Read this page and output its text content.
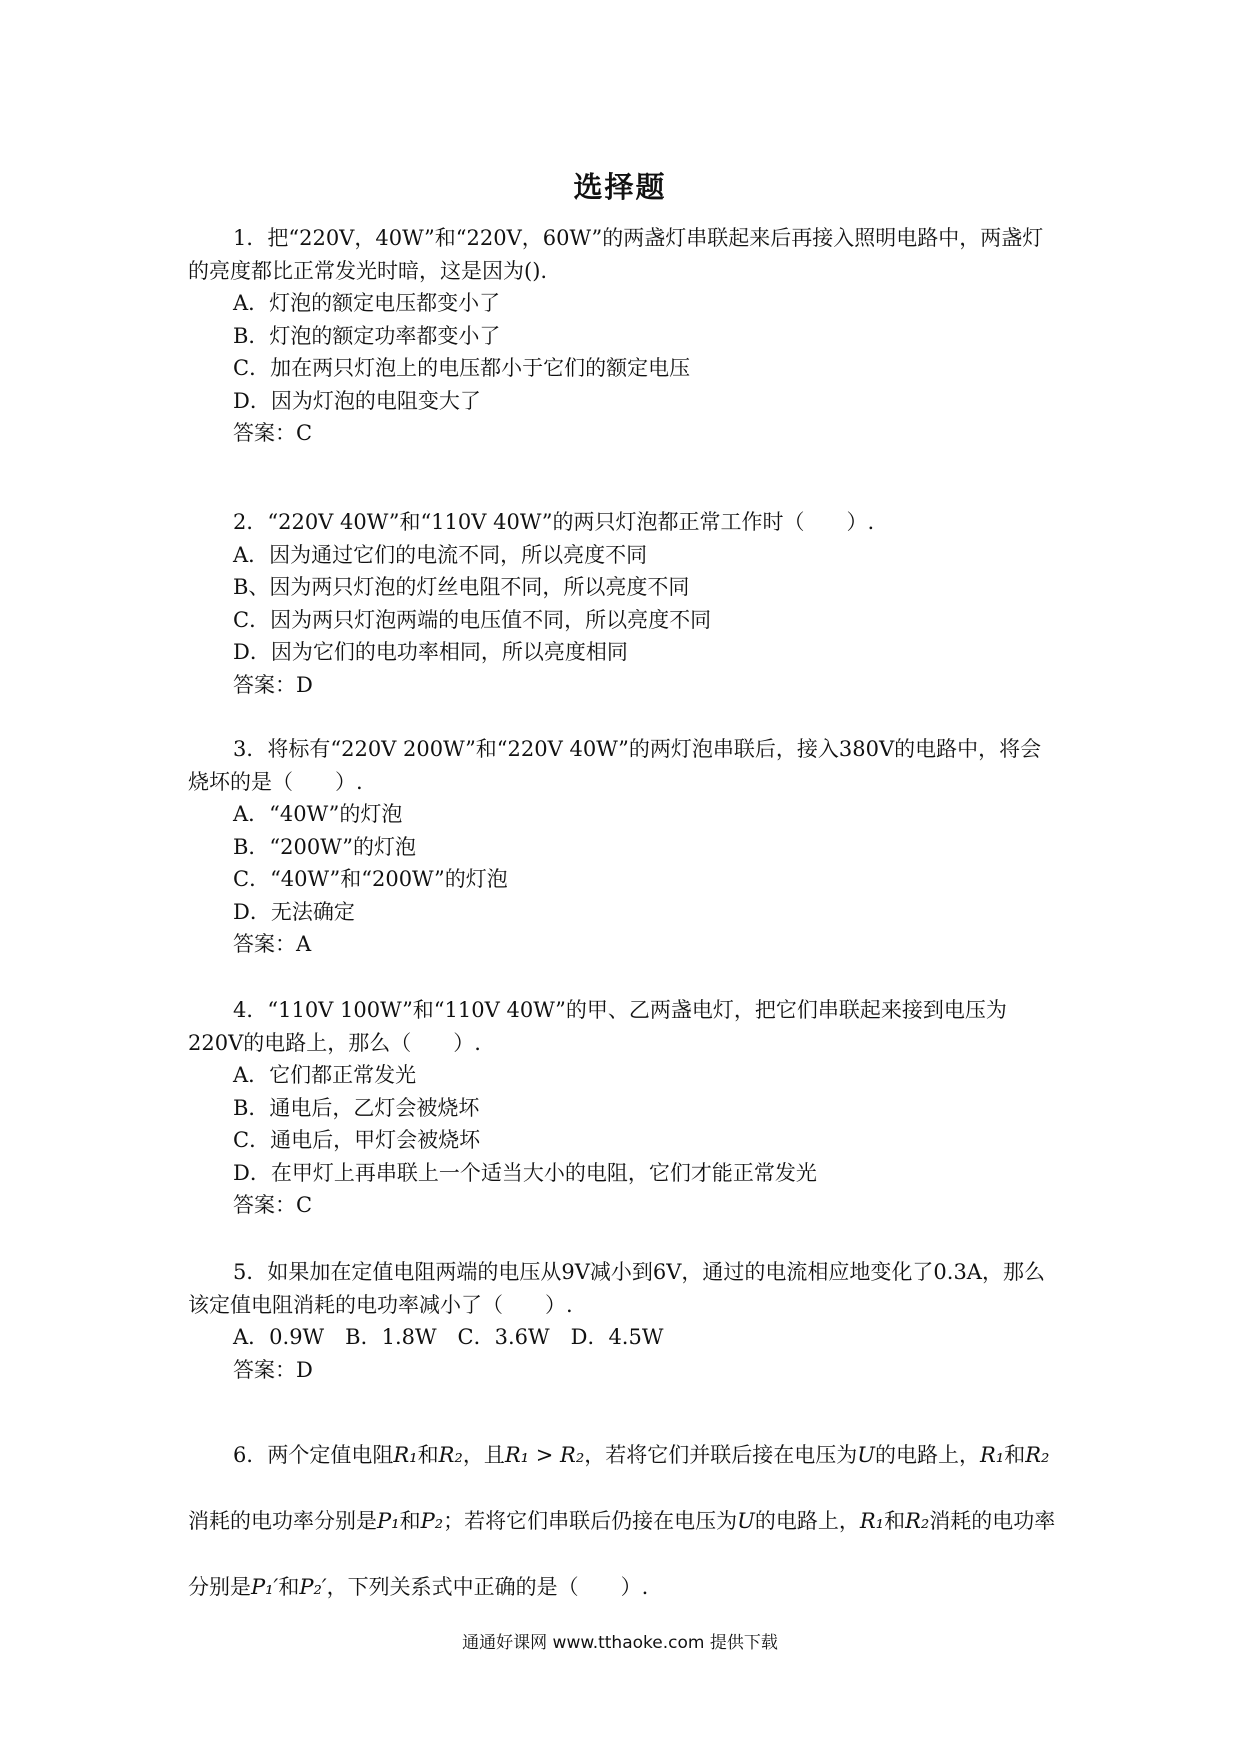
选择题

1．把“220V，40W”和“220V，60W”的两盏灯串联起来后再接入照明电路中，两盏灯的亮度都比正常发光时暗，这是因为().

A．灯泡的额定电压都变小了

B．灯泡的额定功率都变小了

C．加在两只灯泡上的电压都小于它们的额定电压

D．因为灯泡的电阻变大了

答案：C

2．“220V 40W”和“110V 40W”的两只灯泡都正常工作时（　　）.

A．因为通过它们的电流不同，所以亮度不同

B、因为两只灯泡的灯丝电阻不同，所以亮度不同

C．因为两只灯泡两端的电压值不同，所以亮度不同

D．因为它们的电功率相同，所以亮度相同

答案：D

3．将标有“220V 200W”和“220V 40W”的两灯泡串联后，接入380V的电路中，将会烧坏的是（　　）.

A．“40W”的灯泡

B．“200W”的灯泡

C．“40W”和“200W”的灯泡

D．无法确定

答案：A

4．“110V 100W”和“110V 40W”的甲、乙两盏电灯，把它们串联起来接到电压为220V的电路上，那么（　　）.

A．它们都正常发光

B．通电后，乙灯会被烧坏

C．通电后，甲灯会被烧坏

D．在甲灯上再串联上一个适当大小的电阻，它们才能正常发光

答案：C

5．如果加在定值电阻两端的电压从9V减小到6V，通过的电流相应地变化了0.3A，那么该定值电阻消耗的电功率减小了（　　）.

A．0.9W　B．1.8W　C．3.6W　D．4.5W

答案：D

6．两个定值电阻R₁和R₂，且R₁ > R₂，若将它们并联后接在电压为U的电路上，R₁和R₂消耗的电功率分别是P₁和P₂；若将它们串联后仍接在电压为U的电路上，R₁和R₂消耗的电功率分别是P₁′和P₂′，下列关系式中正确的是（　　）.

通通好课网 www.tthaoke.com 提供下载
